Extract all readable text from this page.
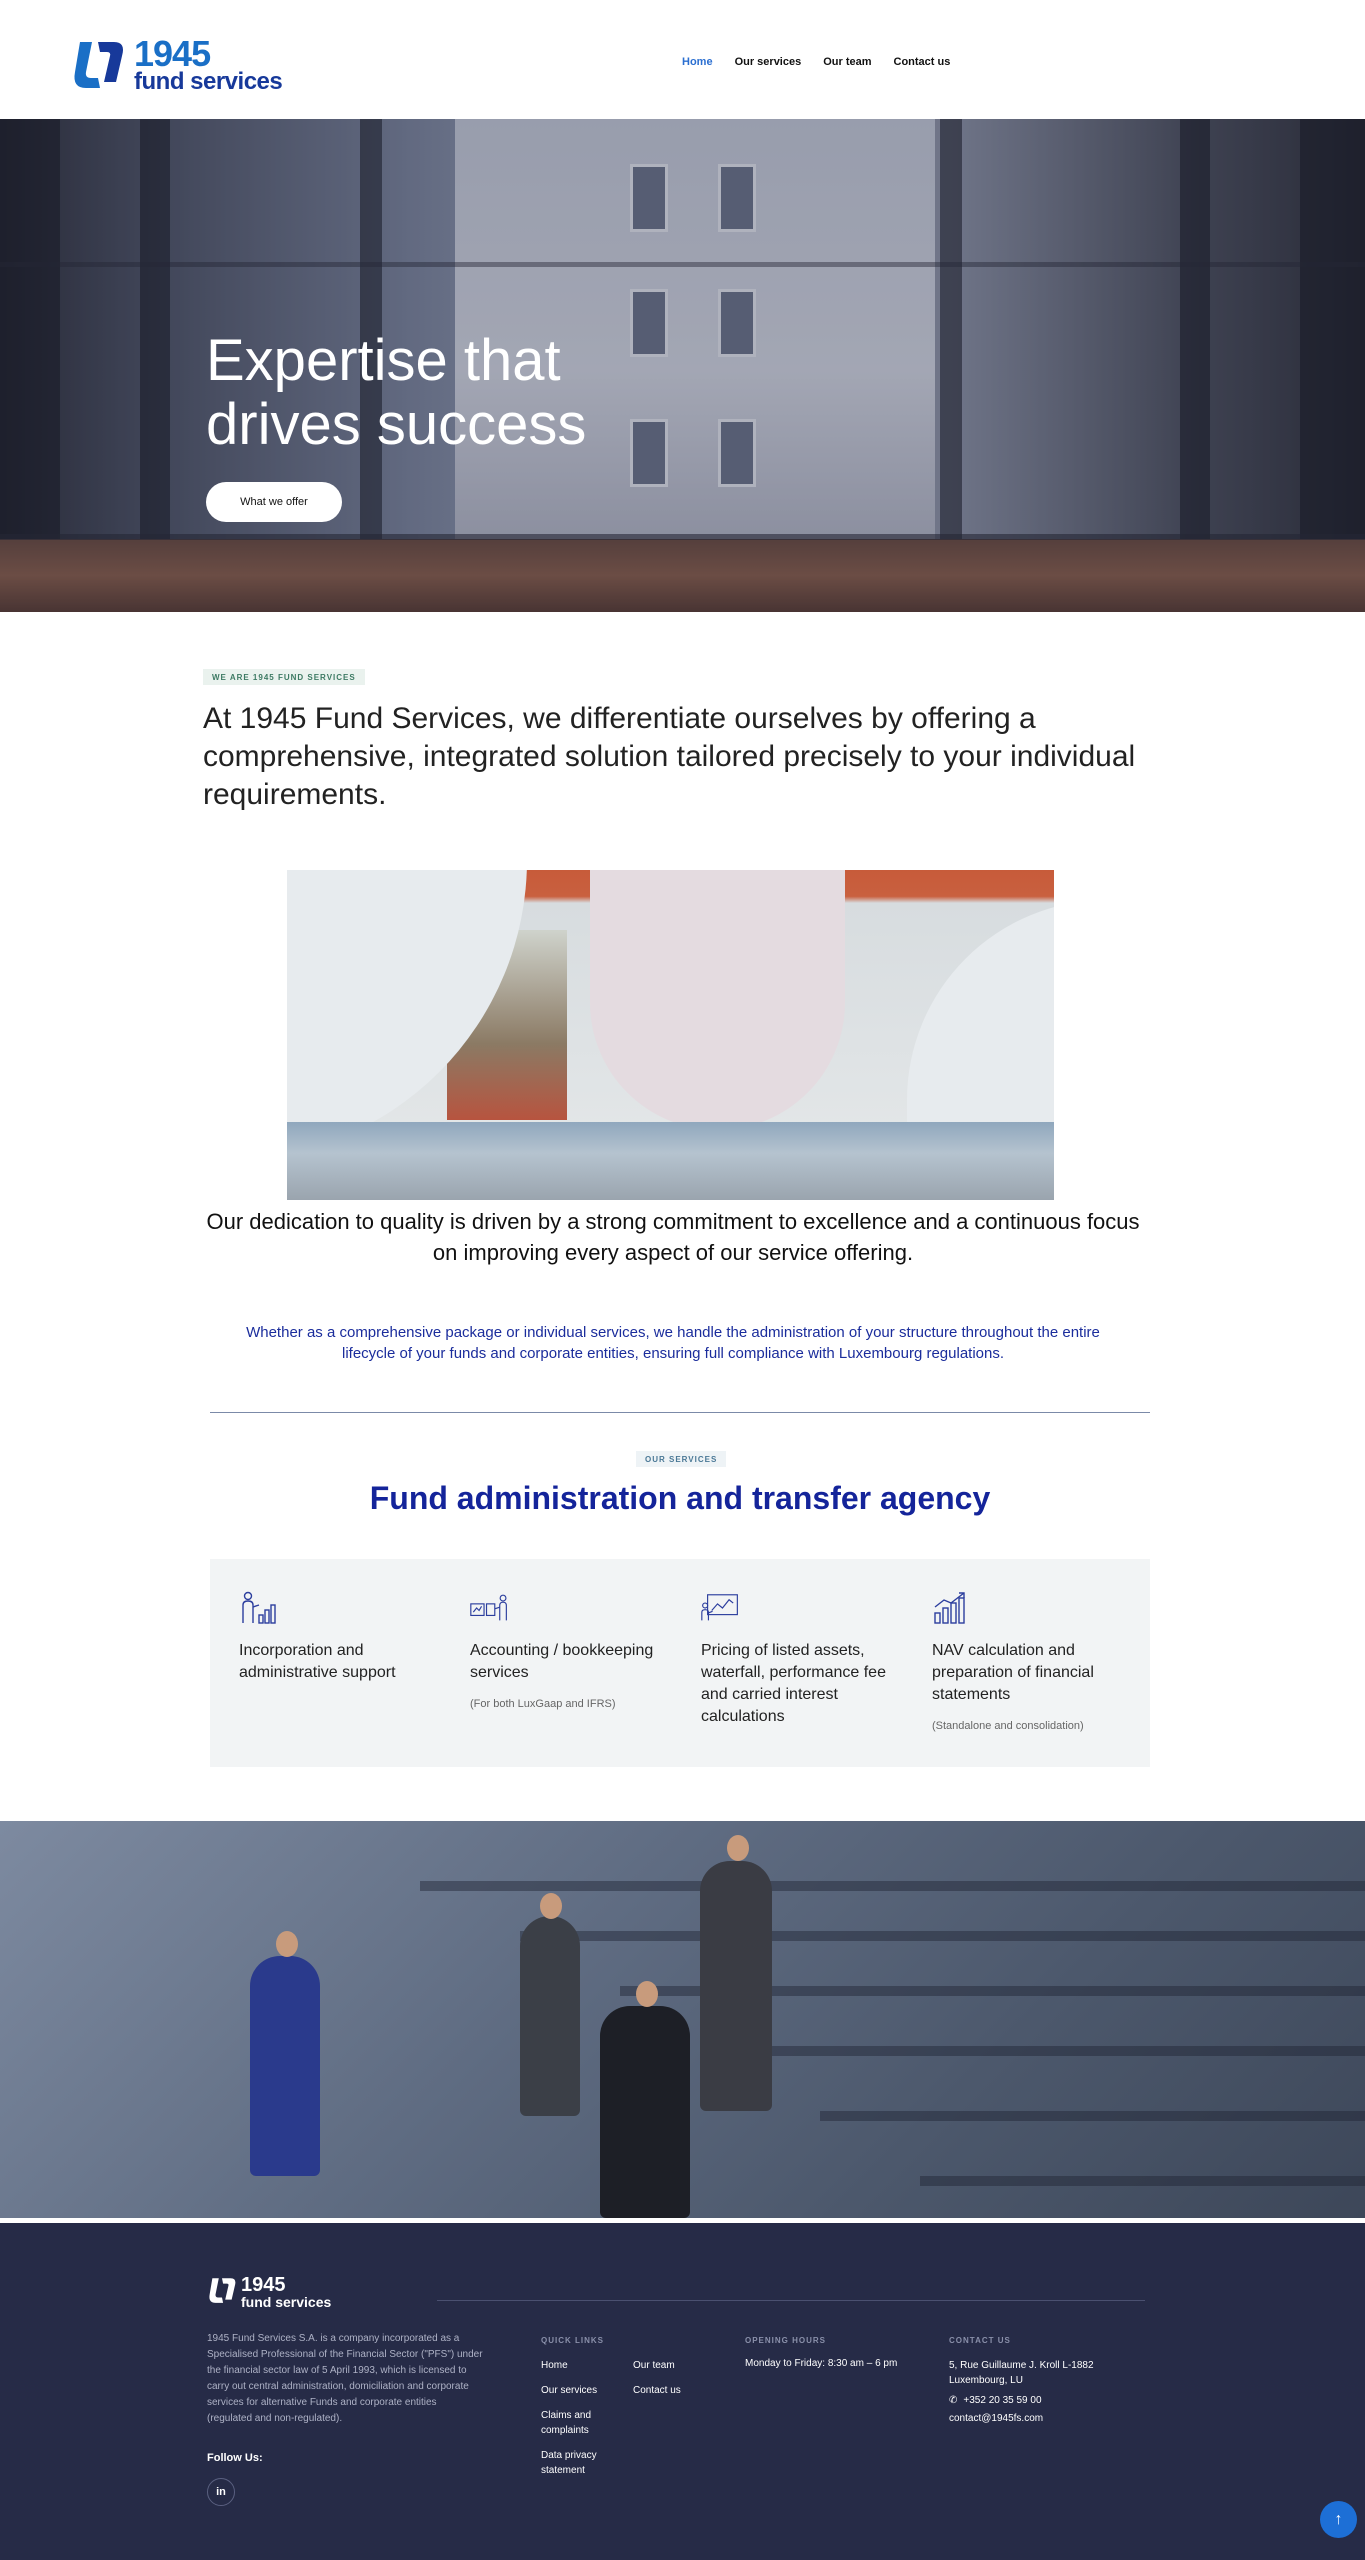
1945
fund services
Home Our services Our team Contact us
Expertise that
drives success
What we offer
WE ARE 1945 FUND SERVICES

At 1945 Fund Services, we differentiate ourselves by offering a comprehensive, integrated solution tailored precisely to your individual requirements.

Our dedication to quality is driven by a strong commitment to excellence and a continuous focus on improving every aspect of our service offering.

Whether as a comprehensive package or individual services, we handle the administration of your structure throughout the entire lifecycle of your funds and corporate entities, ensuring full compliance with Luxembourg regulations.

OUR SERVICES
Fund administration and transfer agency
Incorporation and administrative support
Accounting / bookkeeping services
(For both LuxGaap and IFRS)
Pricing of listed assets, waterfall, performance fee and carried interest calculations
NAV calculation and preparation of financial statements
(Standalone and consolidation)
1945
fund services

1945 Fund Services S.A. is a company incorporated as a Specialised Professional of the Financial Sector ("PFS") under the financial sector law of 5 April 1993, which is licensed to carry out central administration, domiciliation and corporate services for alternative Funds and corporate entities (regulated and non-regulated).

Follow Us:
in
QUICK LINKS
Home
Our services
Claims and complaints
Data privacy statement
Our team
Contact us
OPENING HOURS
Monday to Friday: 8:30 am – 6 pm
CONTACT US
5, Rue Guillaume J. Kroll L-1882 Luxembourg, LU
✆ +352 20 35 59 00
contact@1945fs.com
↑
